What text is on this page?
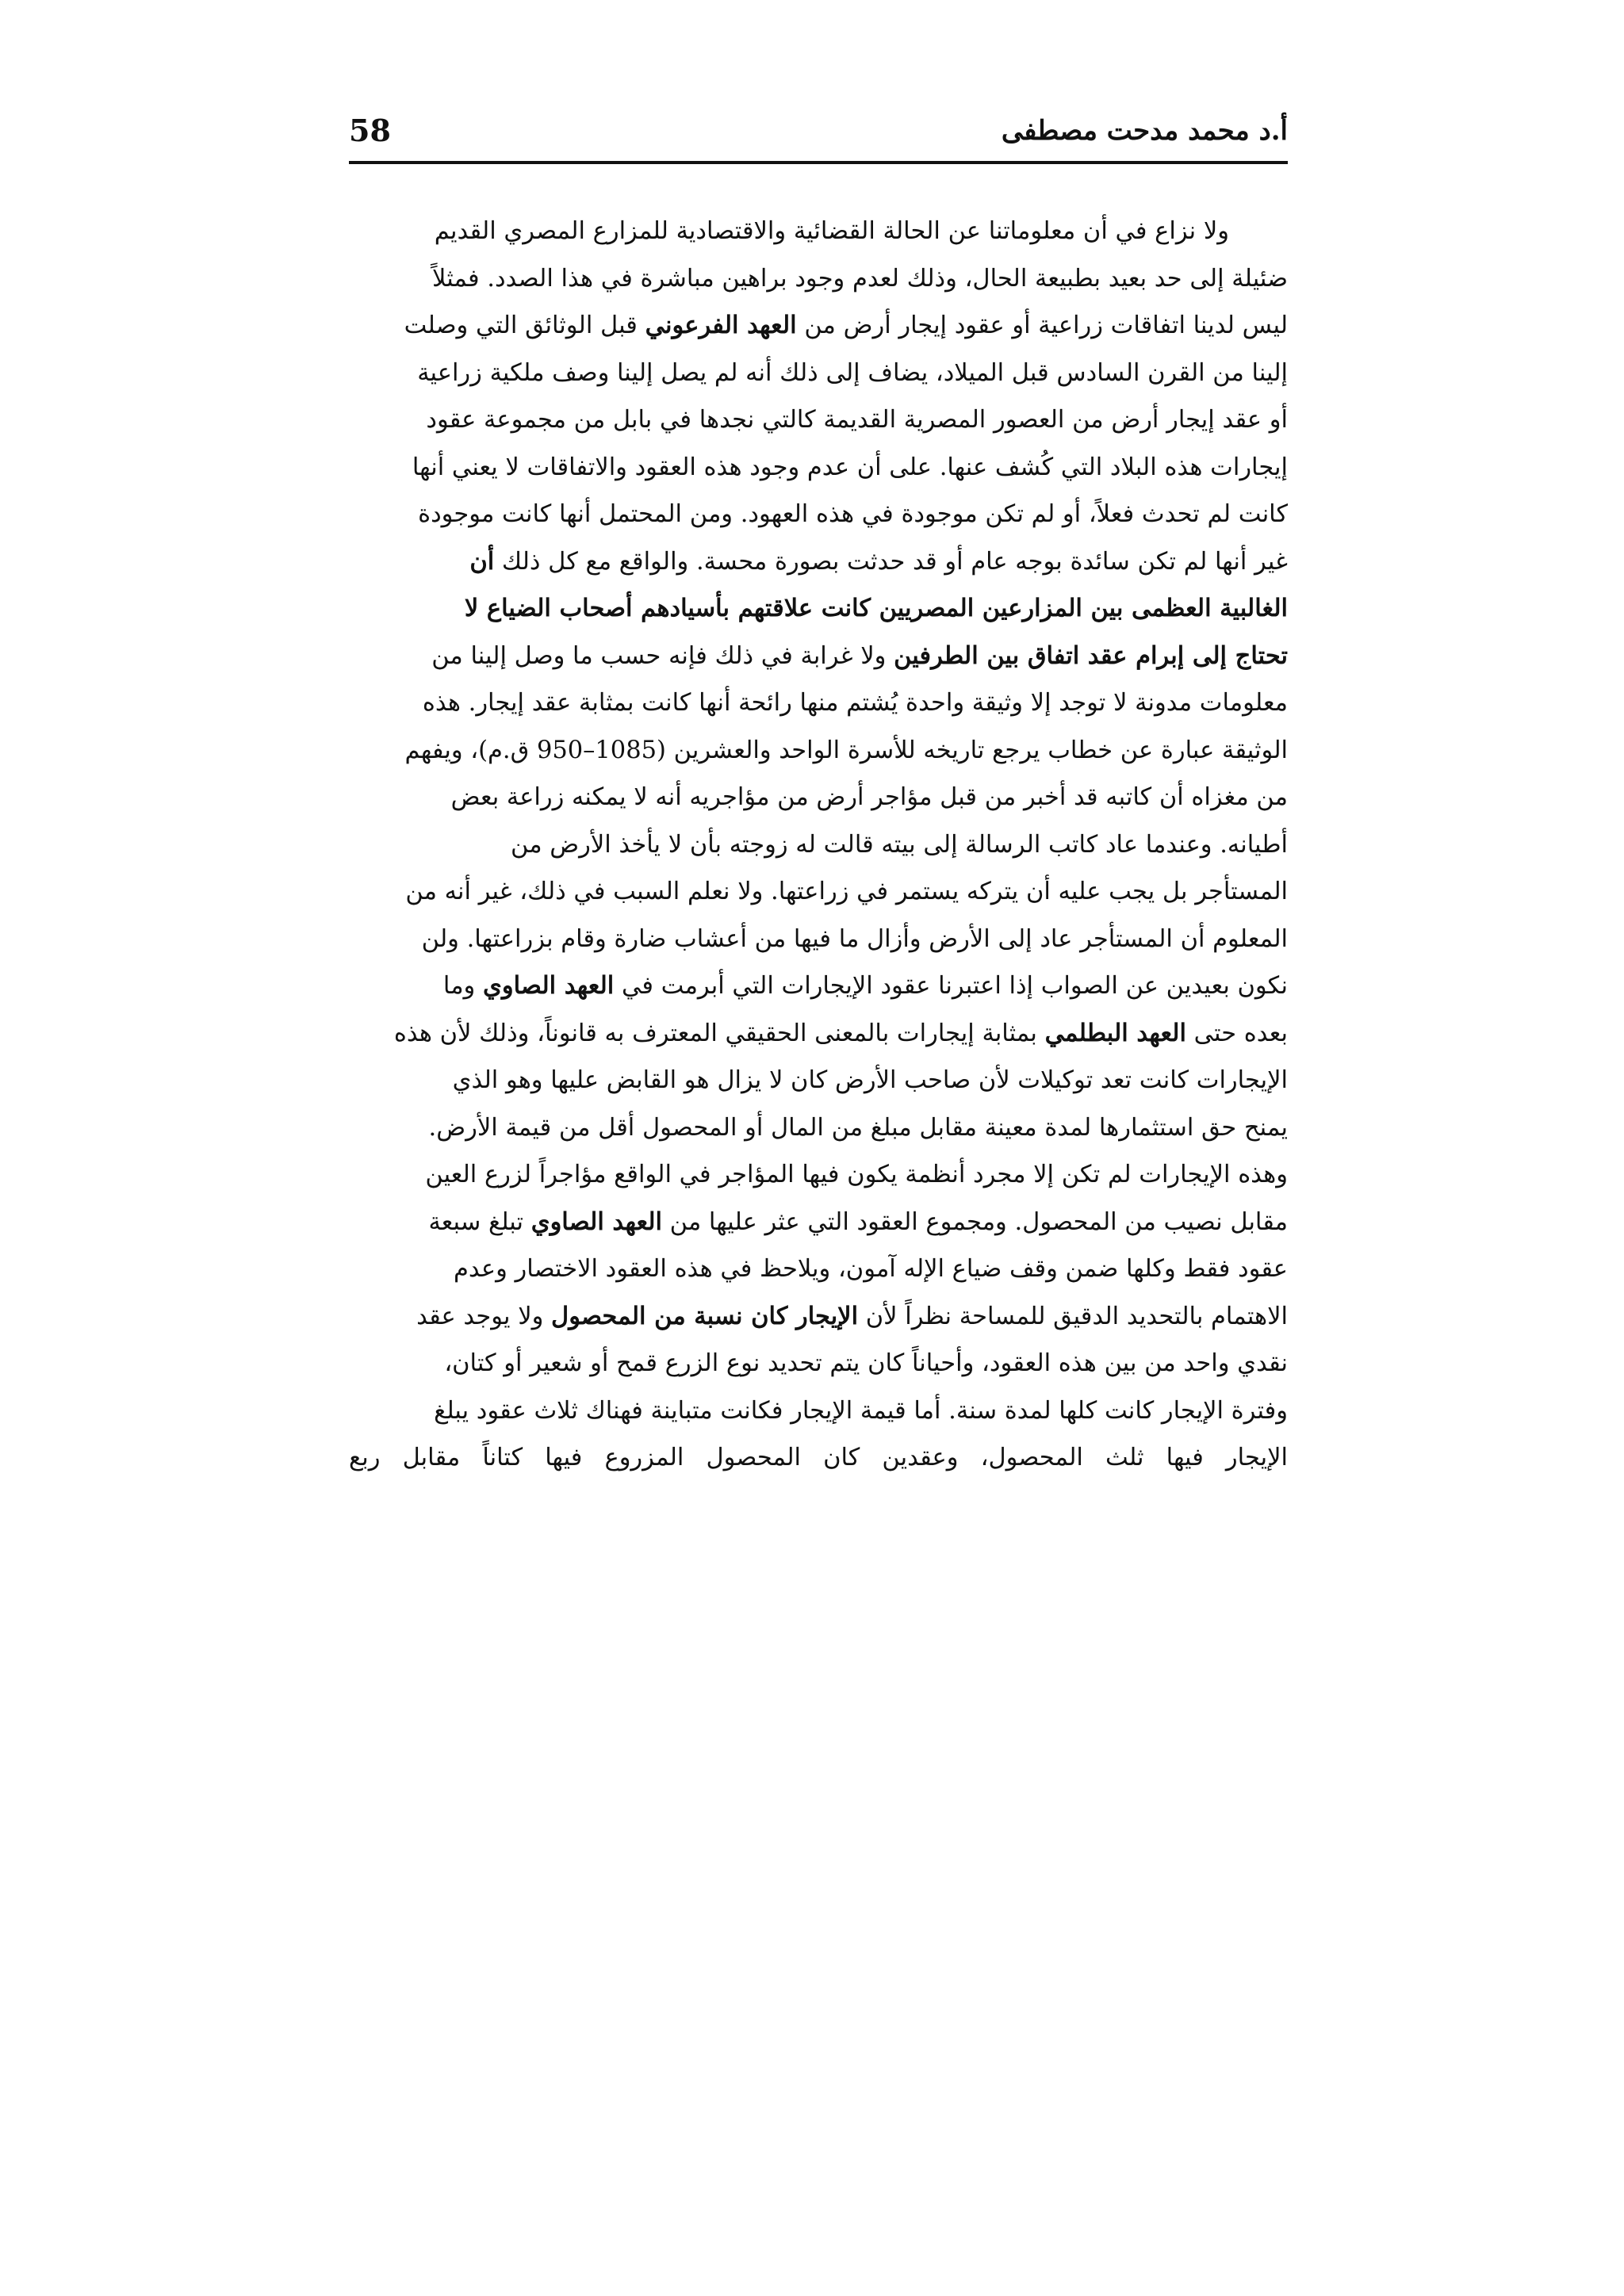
58	أ.د محمد مدحت مصطفى
ولا نزاع في أن معلوماتنا عن الحالة القضائية والاقتصادية للمزارع المصري القديم
ضئيلة إلى حد بعيد بطبيعة الحال، وذلك لعدم وجود براهين مباشرة في هذا الصدد. فمثلاً
ليس لدينا اتفاقات زراعية أو عقود إيجار أرض من العهد الفرعوني قبل الوثائق التي وصلت
إلينا من القرن السادس قبل الميلاد، يضاف إلى ذلك أنه لم يصل إلينا وصف ملكية زراعية
أو عقد إيجار أرض من العصور المصرية القديمة كالتي نجدها في بابل من مجموعة عقود
إيجارات هذه البلاد التي كُشف عنها. على أن عدم وجود هذه العقود والاتفاقات لا يعني أنها
كانت لم تحدث فعلاً، أو لم تكن موجودة في هذه العهود. ومن المحتمل أنها كانت موجودة
غير أنها لم تكن سائدة بوجه عام أو قد حدثت بصورة محسة. والواقع مع كل ذلك أن
الغالبية العظمى بين المزارعين المصريين كانت علاقتهم بأسيادهم أصحاب الضياع لا
تحتاج إلى إبرام عقد اتفاق بين الطرفين ولا غرابة في ذلك فإنه حسب ما وصل إلينا من
معلومات مدونة لا توجد إلا وثيقة واحدة يُشتم منها رائحة أنها كانت بمثابة عقد إيجار. هذه
الوثيقة عبارة عن خطاب يرجع تاريخه للأسرة الواحد والعشرين (1085–950 ق.م)، ويفهم
من مغزاه أن كاتبه قد أخبر من قبل مؤاجر أرض من مؤاجريه أنه لا يمكنه زراعة بعض
أطيانه. وعندما عاد كاتب الرسالة إلى بيته قالت له زوجته بأن لا يأخذ الأرض من
المستأجر بل يجب عليه أن يتركه يستمر في زراعتها. ولا نعلم السبب في ذلك، غير أنه من
المعلوم أن المستأجر عاد إلى الأرض وأزال ما فيها من أعشاب ضارة وقام بزراعتها. ولن
نكون بعيدين عن الصواب إذا اعتبرنا عقود الإيجارات التي أبرمت في العهد الصاوي وما
بعده حتى العهد البطلمي بمثابة إيجارات بالمعنى الحقيقي المعترف به قانوناً، وذلك لأن هذه
الإيجارات كانت تعد توكيلات لأن صاحب الأرض كان لا يزال هو القابض عليها وهو الذي
يمنح حق استثمارها لمدة معينة مقابل مبلغ من المال أو المحصول أقل من قيمة الأرض.
وهذه الإيجارات لم تكن إلا مجرد أنظمة يكون فيها المؤاجر في الواقع مؤاجراً لزرع العين
مقابل نصيب من المحصول. ومجموع العقود التي عثر عليها من العهد الصاوي تبلغ سبعة
عقود فقط وكلها ضمن وقف ضياع الإله آمون، ويلاحظ في هذه العقود الاختصار وعدم
الاهتمام بالتحديد الدقيق للمساحة نظراً لأن الإيجار كان نسبة من المحصول ولا يوجد عقد
نقدي واحد من بين هذه العقود، وأحياناً كان يتم تحديد نوع الزرع قمح أو شعير أو كتان،
وفترة الإيجار كانت كلها لمدة سنة. أما قيمة الإيجار فكانت متباينة فهناك ثلاث عقود يبلغ
الإيجار فيها ثلث المحصول، وعقدين كان المحصول المزروع فيها كتاناً مقابل ربع
